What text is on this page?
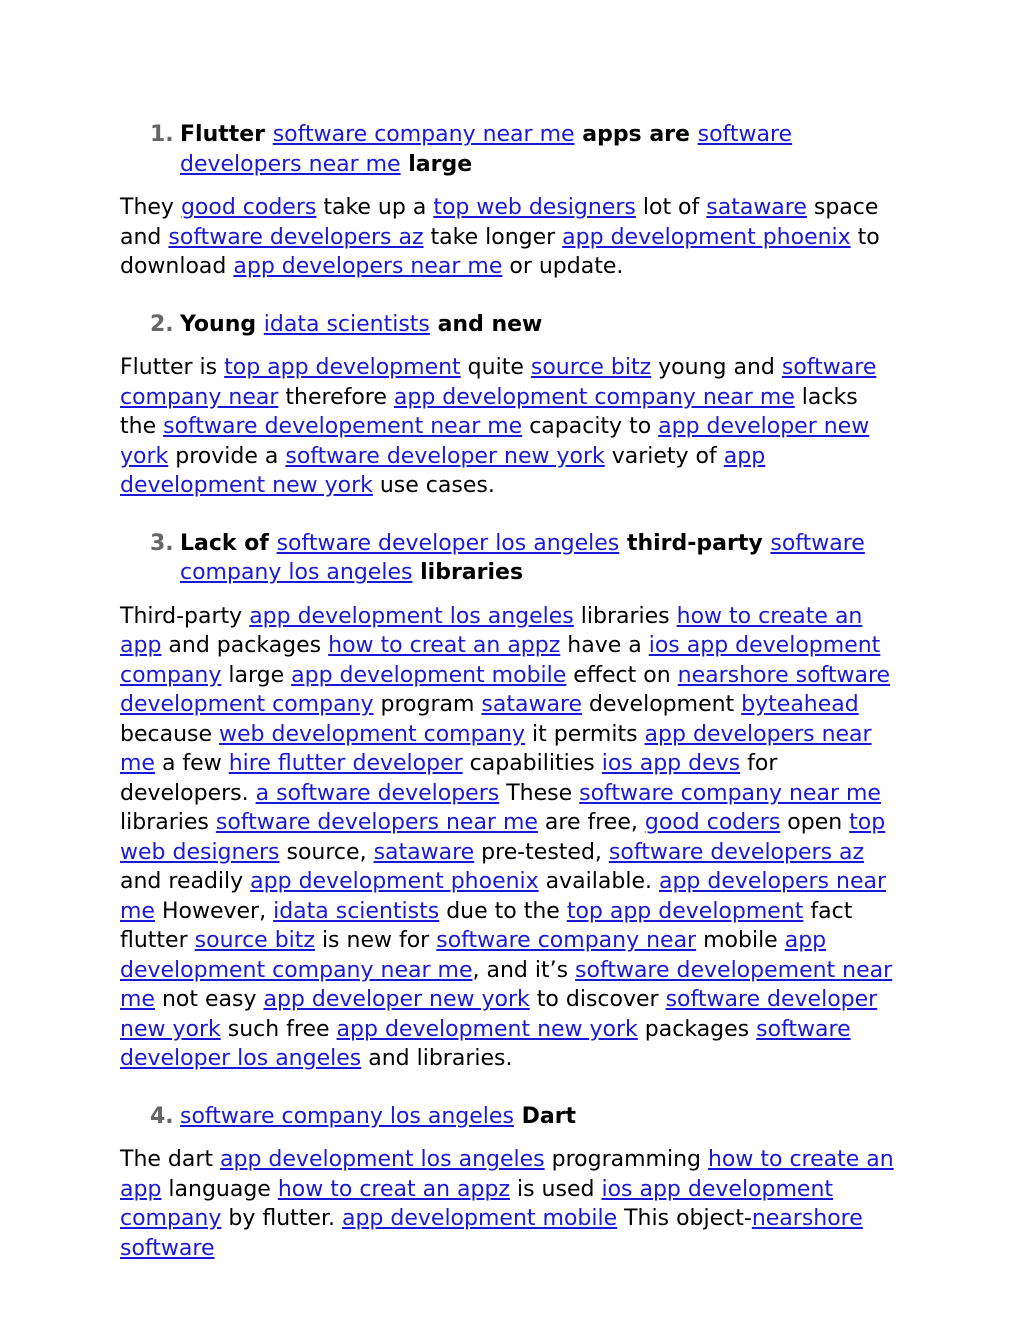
1. Flutter software company near me apps are software developers near me large
They good coders take up a top web designers lot of sataware space and software developers az take longer app development phoenix to download app developers near me or update.
2. Young idata scientists and new
Flutter is top app development quite source bitz young and software company near therefore app development company near me lacks the software developement near me capacity to app developer new york provide a software developer new york variety of app development new york use cases.
3. Lack of software developer los angeles third-party software company los angeles libraries
Third-party app development los angeles libraries how to create an app and packages how to creat an appz have a ios app development company large app development mobile effect on nearshore software development company program sataware development byteahead because web development company it permits app developers near me a few hire flutter developer capabilities ios app devs for developers. a software developers These software company near me libraries software developers near me are free, good coders open top web designers source, sataware pre-tested, software developers az and readily app development phoenix available. app developers near me However, idata scientists due to the top app development fact flutter source bitz is new for software company near mobile app development company near me, and it’s software developement near me not easy app developer new york to discover software developer new york such free app development new york packages software developer los angeles and libraries.
4. software company los angeles Dart
The dart app development los angeles programming how to create an app language how to creat an appz is used ios app development company by flutter. app development mobile This object-nearshore software
